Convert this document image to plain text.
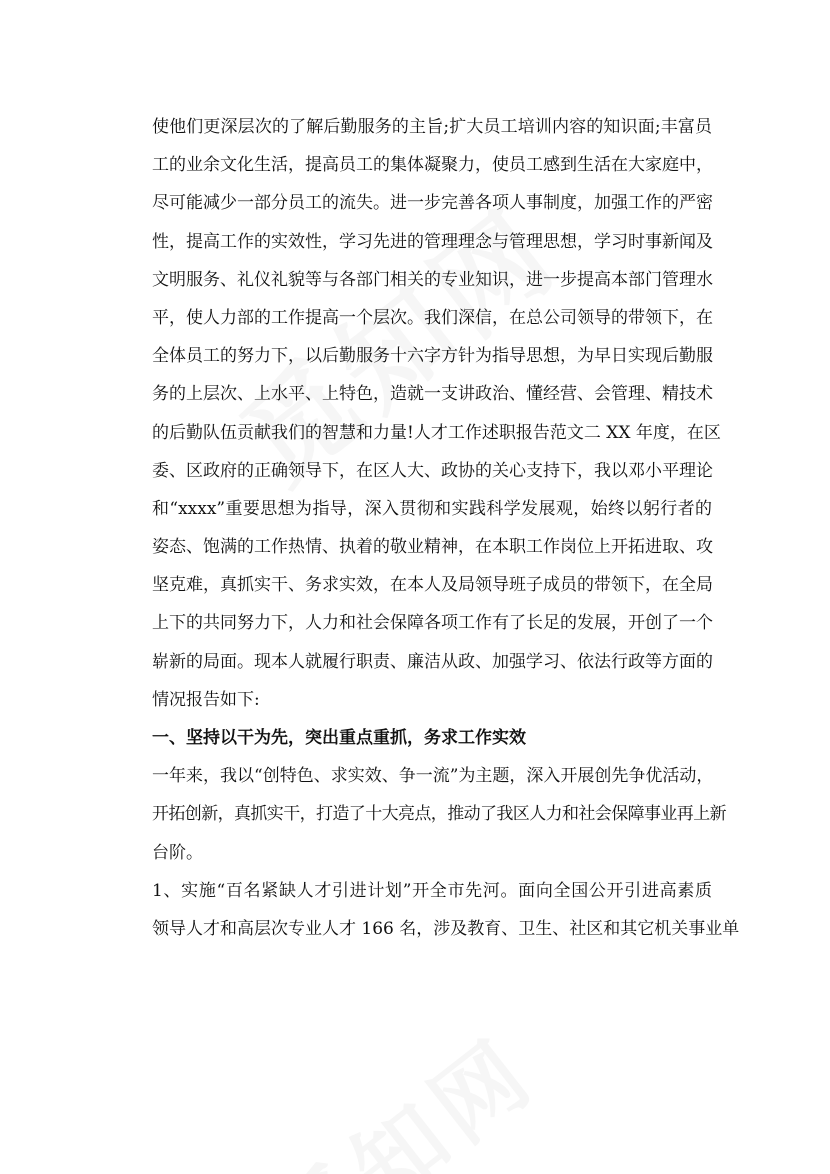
使他们更深层次的了解后勤服务的主旨;扩大员工培训内容的知识面;丰富员
工的业余文化生活，提高员工的集体凝聚力，使员工感到生活在大家庭中，
尽可能减少一部分员工的流失。进一步完善各项人事制度，加强工作的严密
性，提高工作的实效性，学习先进的管理理念与管理思想，学习时事新闻及
文明服务、礼仪礼貌等与各部门相关的专业知识，进一步提高本部门管理水
平，使人力部的工作提高一个层次。我们深信，在总公司领导的带领下，在
全体员工的努力下，以后勤服务十六字方针为指导思想，为早日实现后勤服
务的上层次、上水平、上特色，造就一支讲政治、懂经营、会管理、精技术
的后勤队伍贡献我们的智慧和力量!人才工作述职报告范文二 XX 年度，在区
委、区政府的正确领导下，在区人大、政协的关心支持下，我以邓小平理论
和“xxxx”重要思想为指导，深入贯彻和实践科学发展观，始终以躬行者的
姿态、饱满的工作热情、执着的敬业精神，在本职工作岗位上开拓进取、攻
坚克难，真抓实干、务求实效，在本人及局领导班子成员的带领下，在全局
上下的共同努力下，人力和社会保障各项工作有了长足的发展，开创了一个
崭新的局面。现本人就履行职责、廉洁从政、加强学习、依法行政等方面的
情况报告如下:
一、坚持以干为先，突出重点重抓，务求工作实效
一年来，我以“创特色、求实效、争一流”为主题，深入开展创先争优活动，
开拓创新，真抓实干，打造了十大亮点，推动了我区人力和社会保障事业再上新
台阶。
1、实施“百名紧缺人才引进计划”开全市先河。面向全国公开引进高素质
领导人才和高层次专业人才 166 名，涉及教育、卫生、社区和其它机关事业单
